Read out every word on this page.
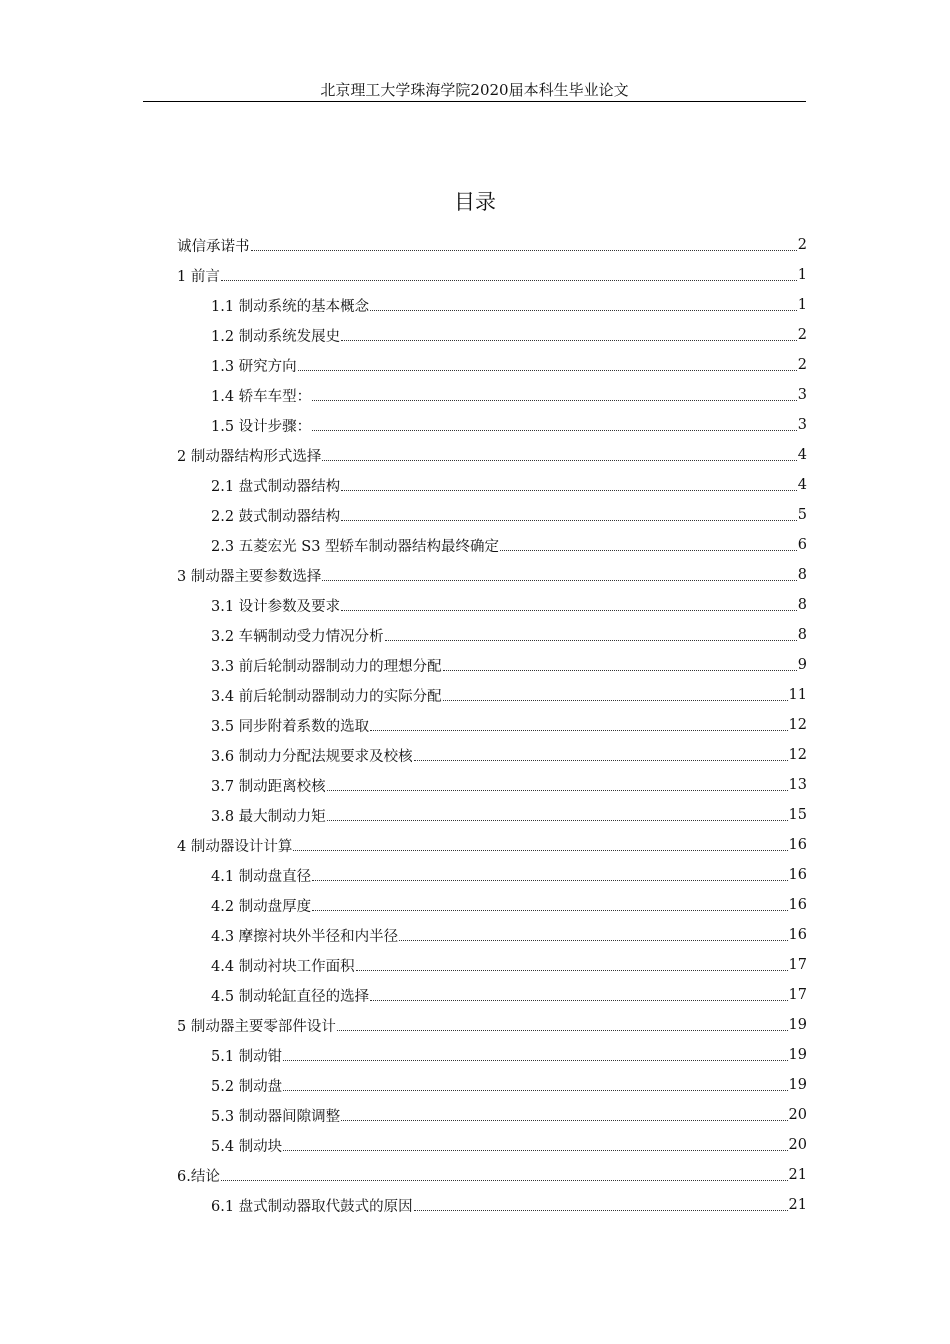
北京理工大学珠海学院2020届本科生毕业论文
目录
诚信承诺书	2
1 前言	1
1.1 制动系统的基本概念	1
1.2 制动系统发展史	2
1.3 研究方向	2
1.4 轿车车型：	3
1.5 设计步骤：	3
2 制动器结构形式选择	4
2.1 盘式制动器结构	4
2.2 鼓式制动器结构	5
2.3 五菱宏光 S3 型轿车制动器结构最终确定	6
3 制动器主要参数选择	8
3.1 设计参数及要求	8
3.2 车辆制动受力情况分析	8
3.3 前后轮制动器制动力的理想分配	9
3.4 前后轮制动器制动力的实际分配	11
3.5 同步附着系数的选取	12
3.6 制动力分配法规要求及校核	12
3.7 制动距离校核	13
3.8 最大制动力矩	15
4 制动器设计计算	16
4.1 制动盘直径	16
4.2 制动盘厚度	16
4.3 摩擦衬块外半径和内半径	16
4.4 制动衬块工作面积	17
4.5 制动轮缸直径的选择	17
5 制动器主要零部件设计	19
5.1 制动钳	19
5.2 制动盘	19
5.3 制动器间隙调整	20
5.4 制动块	20
6.结论	21
6.1 盘式制动器取代鼓式的原因	21
